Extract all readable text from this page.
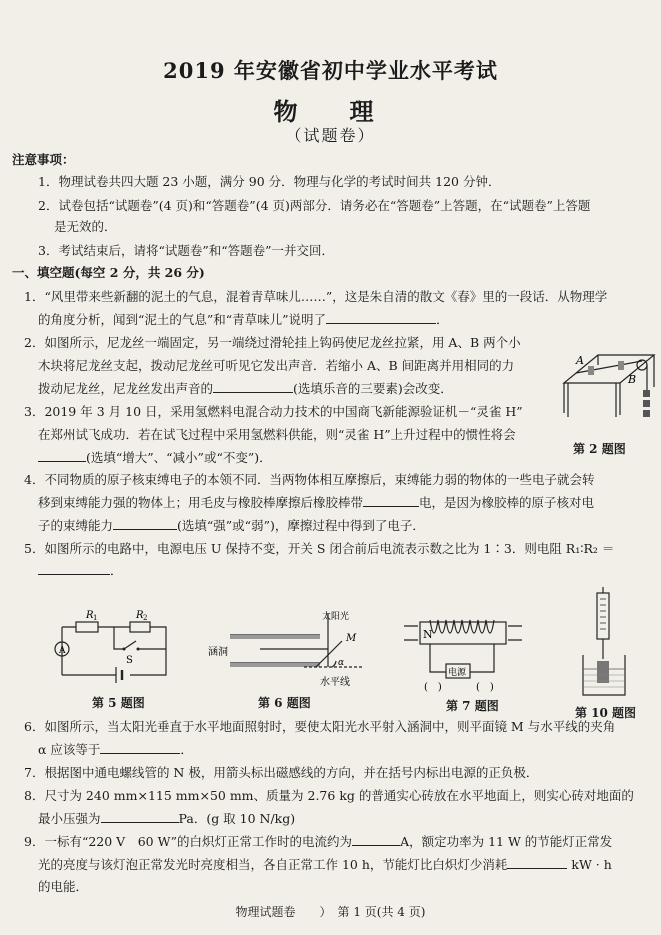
2019 年安徽省初中学业水平考试
物　理
（试题卷）
注意事项：
1．物理试卷共四大题 23 小题，满分 90 分．物理与化学的考试时间共 120 分钟．
2．试卷包括“试题卷”(4 页)和“答题卷”(4 页)两部分．请务必在“答题卷”上答题，在“试题卷”上答题
是无效的．
3．考试结束后，请将“试题卷”和“答题卷”一并交回．
一、填空题(每空 2 分，共 26 分)
1．“风里带来些新翻的泥土的气息，混着青草味儿……”，这是朱自清的散文《春》里的一段话．从物理学
的角度分析，闻到“泥土的气息”和“青草味儿”说明了	．
2．如图所示，尼龙丝一端固定，另一端绕过滑轮挂上钩码使尼龙丝拉紧，用 A、B 两个小
木块将尼龙丝支起，拨动尼龙丝可听见它发出声音．若缩小 A、B 间距离并用相同的力
拨动尼龙丝，尼龙丝发出声音的	(选填乐音的三要素)会改变．
3．2019 年 3 月 10 日，采用氢燃料电混合动力技术的中国商飞新能源验证机－“灵雀 H”
在郑州试飞成功．若在试飞过程中采用氢燃料供能，则“灵雀 H”上升过程中的惯性将会
(选填“增大”、“减小”或“不变”)．
4．不同物质的原子核束缚电子的本领不同．当两物体相互摩擦后，束缚能力弱的物体的一些电子就会转
移到束缚能力强的物体上；用毛皮与橡胶棒摩擦后橡胶棒带	电，是因为橡胶棒的原子核对电
子的束缚能力	(选填“强”或“弱”)，摩擦过程中得到了电子．
5．如图所示的电路中，电源电压 U 保持不变，开关 S 闭合前后电流表示数之比为 1∶3．则电阻 R₁∶R₂ ＝
．
A
B
第 2 题图
R 1	R 2
S
A
第 5 题图
太阳光
涵洞
M
α
水平线
第 6 题图
N
电源
(　)	(　)
第 7 题图	第 10 题图
6．如图所示，当太阳光垂直于水平地面照射时，要使太阳光水平射入涵洞中，则平面镜 M 与水平线的夹角
α 应该等于	．
7．根据图中通电螺线管的 N 极，用箭头标出磁感线的方向，并在括号内标出电源的正负极．
8．尺寸为 240 mm×115 mm×50 mm、质量为 2.76 kg 的普通实心砖放在水平地面上，则实心砖对地面的
最小压强为	Pa．(g 取 10 N/kg)
9．一标有“220 V　60 W”的白炽灯正常工作时的电流约为	A，额定功率为 11 W 的节能灯正常发
光的亮度与该灯泡正常发光时亮度相当，各自正常工作 10 h，节能灯比白炽灯少消耗	kW · h
的电能．
物理试题卷　　）　第 1 页(共 4 页)
